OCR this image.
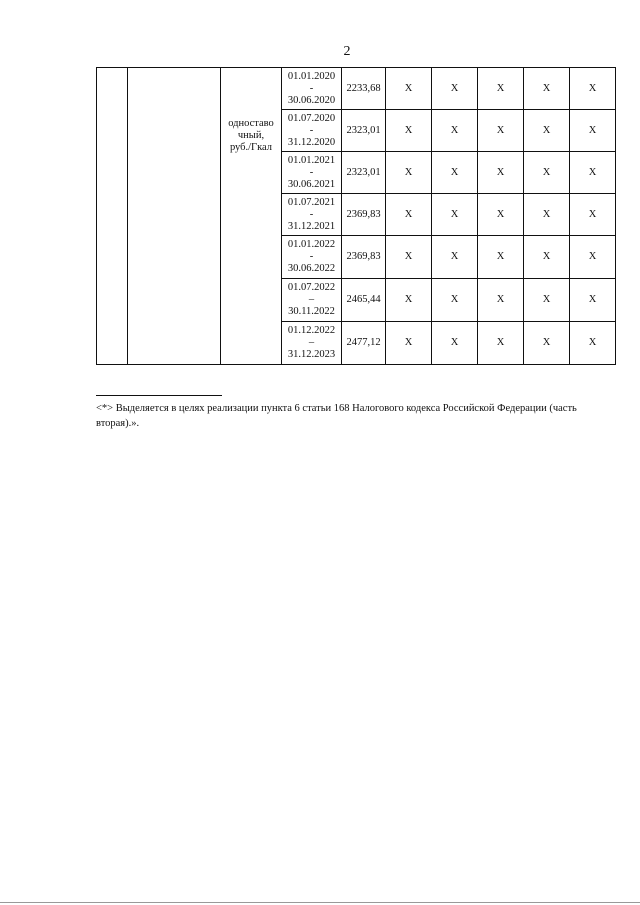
2

		одноставо
чный,
руб./Гкал	01.01.2020
-
30.06.2020	2233,68	X	X	X	X	X

			01.07.2020
-
31.12.2020	2323,01	X	X	X	X	X

			01.01.2021
-
30.06.2021	2323,01	X	X	X	X	X

			01.07.2021
-
31.12.2021	2369,83	X	X	X	X	X

			01.01.2022
-
30.06.2022	2369,83	X	X	X	X	X

			01.07.2022
–
30.11.2022	2465,44	X	X	X	X	X

			01.12.2022
–
31.12.2023	2477,12	X	X	X	X	X
<*> Выделяется в целях реализации пункта 6 статьи 168 Налогового кодекса Российской Федерации (часть вторая).».
